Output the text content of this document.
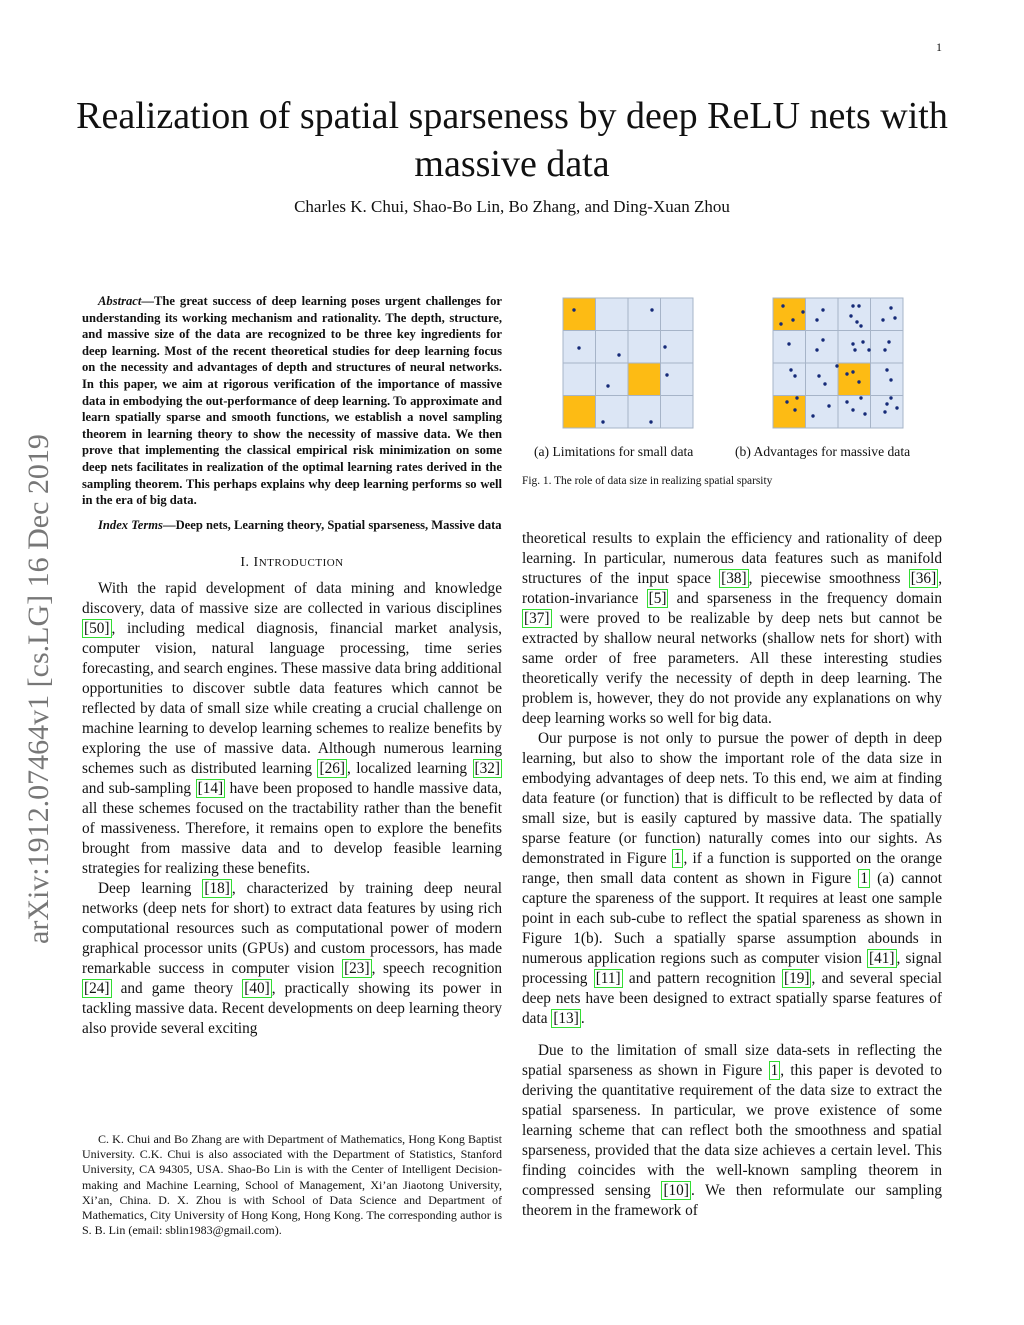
1
Realization of spatial sparseness by deep ReLU nets with massive data
Charles K. Chui, Shao-Bo Lin, Bo Zhang, and Ding-Xuan Zhou
arXiv:1912.07464v1 [cs.LG] 16 Dec 2019

Abstract—The great success of deep learning poses urgent challenges for understanding its working mechanism and rationality. The depth, structure, and massive size of the data are recognized to be three key ingredients for deep learning. Most of the recent theoretical studies for deep learning focus on the necessity and advantages of depth and structures of neural networks. In this paper, we aim at rigorous verification of the importance of massive data in embodying the out-performance of deep learning. To approximate and learn spatially sparse and smooth functions, we establish a novel sampling theorem in learning theory to show the necessity of massive data. We then prove that implementing the classical empirical risk minimization on some deep nets facilitates in realization of the optimal learning rates derived in the sampling theorem. This perhaps explains why deep learning performs so well in the era of big data.

Index Terms—Deep nets, Learning theory, Spatial sparseness, Massive data

I. INTRODUCTION

With the rapid development of data mining and knowledge discovery, data of massive size are collected in various disciplines [50] , including medical diagnosis, financial market analysis, computer vision, natural language processing, time series forecasting, and search engines. These massive data bring additional opportunities to discover subtle data features which cannot be reflected by data of small size while creating a crucial challenge on machine learning to develop learning schemes to realize benefits by exploring the use of massive data. Although numerous learning schemes such as distributed learning [26] , localized learning [32] and sub-sampling [14] have been proposed to handle massive data, all these schemes focused on the tractability rather than the benefit of massiveness. Therefore, it remains open to explore the benefits brought from massive data and to develop feasible learning strategies for realizing these benefits.

Deep learning [18] , characterized by training deep neural networks (deep nets for short) to extract data features by using rich computational resources such as computational power of modern graphical processor units (GPUs) and custom processors, has made remarkable success in computer vision [23] , speech recognition [24] and game theory [40] , practically showing its power in tackling massive data. Recent developments on deep learning theory also provide several exciting

C. K. Chui and Bo Zhang are with Department of Mathematics, Hong Kong Baptist University. C.K. Chui is also associated with the Department of Statistics, Stanford University, CA 94305, USA. Shao-Bo Lin is with the Center of Intelligent Decision-making and Machine Learning, School of Management, Xi’an Jiaotong University, Xi’an, China. D. X. Zhou is with School of Data Science and Department of Mathematics, City University of Hong Kong, Hong Kong. The corresponding author is S. B. Lin (email: sblin1983@gmail.com).

(a) Limitations for small data	(b) Advantages for massive data
Fig. 1. The role of data size in realizing spatial sparsity

theoretical results to explain the efficiency and rationality of deep learning. In particular, numerous data features such as manifold structures of the input space [38] , piecewise smoothness [36] , rotation-invariance [5] and sparseness in the frequency domain [37] were proved to be realizable by deep nets but cannot be extracted by shallow neural networks (shallow nets for short) with same order of free parameters. All these interesting studies theoretically verify the necessity of depth in deep learning. The problem is, however, they do not provide any explanations on why deep learning works so well for big data.

Our purpose is not only to pursue the power of depth in deep learning, but also to show the important role of the data size in embodying advantages of deep nets. To this end, we aim at finding data feature (or function) that is difficult to be reflected by data of small size, but is easily captured by massive data. The spatially sparse feature (or function) naturally comes into our sights. As demonstrated in Figure 1 , if a function is supported on the orange range, then small data content as shown in Figure 1 (a) cannot capture the spareness of the support. It requires at least one sample point in each sub-cube to reflect the spatial spareness as shown in Figure 1(b). Such a spatially sparse assumption abounds in numerous application regions such as computer vision [41] , signal processing [11] and pattern recognition [19] , and several special deep nets have been designed to extract spatially sparse features of data [13] .

Due to the limitation of small size data-sets in reflecting the spatial sparseness as shown in Figure 1 , this paper is devoted to deriving the quantitative requirement of the data size to extract the spatial sparseness. In particular, we prove existence of some learning scheme that can reflect both the smoothness and spatial sparseness, provided that the data size achieves a certain level. This finding coincides with the well-known sampling theorem in compressed sensing [10] . We then reformulate our sampling theorem in the framework of
